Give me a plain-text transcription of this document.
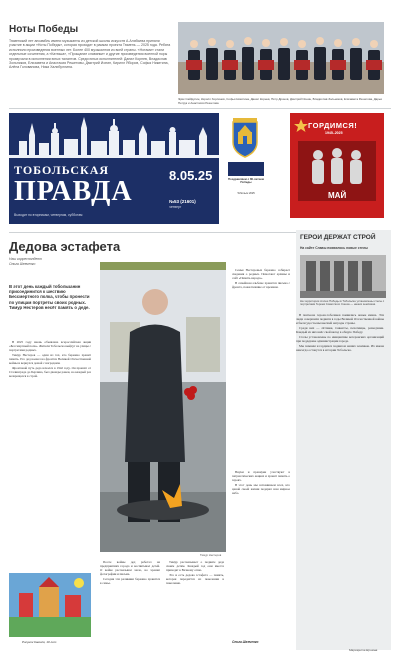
Ноты Победы
Тюменский лет ансамбль имени музыканты из детской школы искусств А.Алябьева приняли участие в акции «Ноты Победы», которая проходит в рамках проекта Тюмень — 2025 года. Ребята исполнили произведения военных лет. Более 400 музыкантов из всей страны. «Нотами» стали отдельные сочинения, а «Катюша», «Прощание славянки» и другие произведения военной поры прозвучали в исполнении юных талантов. Среди юных исполнителей: Данил Корнев, Владислав Зольников, Елизавета и Анастасия Решетовы, Дмитрий Ионин, Кирилл Яборов, Софья Никитина, Алёна Голованова, Ника Халибуллина.
Эрик Сайфулин, Кирилл Хорлинов, Софья Никитина, Данил Корнев, Пётр Дронов, Дмитрий Ионин, Владислав Зольников, Елизавета Решетова, Дарья Петрук и Анастасия Решетова
ТОБОЛЬСКАЯ
ПРАВДА
8.05.25
№53 (21601)
четверг
Выходит по вторникам, четвергам, субботам
Поздравляем с 80-летием Победы
Тобольск 2025
ГОРДИМСЯ!
1945–2025
МАЙ
Дедова эстафета
Наш корреспондент
Ольга Шевченко
В этот день каждый тобольчанин присоединится к шествию Бессмертного полка, чтобы пронести по улицам портреты своих родных. Тимур Нестеров несёт память о деде.

В 2025 году вновь объявлена всероссийская акция «Бессмертный полк». Жители Тобольска выйдут на улицы с портретами родных.

Тимур Нестеров — один из тех, кто бережно хранит память. Его дед воевал на фронтах Великой Отечественной войны и вернулся домой с наградами.

Фронтовой путь деда начался в 1942 году. Он прошёл от Сталинграда до Берлина, был дважды ранен, но каждый раз возвращался в строй.

Тимур Нестеров

После войны дед работал на предприятиях города и воспитывал детей. О войне рассказывал мало, но хранил фотографии и письма.

Сегодня эти реликвии бережно хранятся в семье.

Тимур рассказывает о подвиге деда своим детям. Каждый год они вместе приходят к Вечному огню.

Это и есть дедова эстафета — память, которая передаётся из поколения в поколение.

Семья Нестеровых бережно собирает сведения о родных. Помогают архивы и сайт «Память народа».

В семейном альбоме хранятся письма с фронта, пожелтевшие от времени.

Рисунок Камиля, 10 лет
ГЕРОИ ДЕРЖАТ СТРОЙ
На сайте Славы появились новые стелы
На территории Аллеи Победы в Тобольске установлены стелы с портретами Героев Советского Союза — наших земляков.

В пантеоне героев-тоболяков появились новые имена. Эти люди совершили подвиги в годы Великой Отечественной войны и были удостоены высшей награды страны.

Среди них — лётчики, танкисты, пехотинцы, разведчики. Каждый из них внёс свой вклад в общую Победу.

Стелы установлены по инициативе ветеранских организаций при поддержке администрации города.

Мы помним и гордимся подвигом наших земляков. Их имена навсегда останутся в истории Тобольска.

Внуки и правнуки участвуют в патриотических акциях и хранят память о героях.

В этот день мы вспоминаем всех, кто ценой своей жизни подарил нам мирное небо.

Ольга Шевченко
Маргарита Ершова
